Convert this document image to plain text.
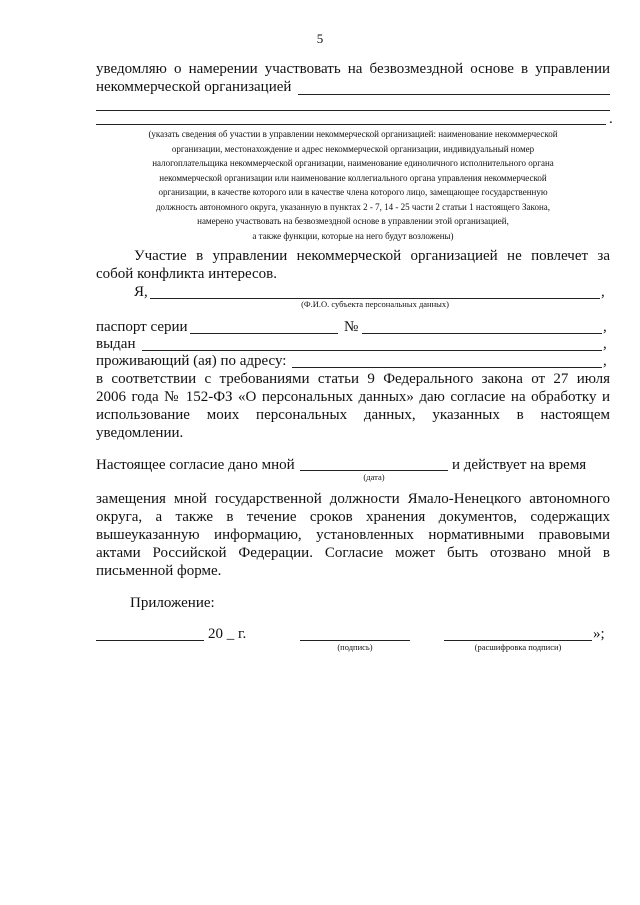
5
уведомляю о намерении участвовать на безвозмездной основе в управлении
некоммерческой организацией
.

(указать сведения об участии в управлении некоммерческой организацией: наименование некоммерческой

организации, местонахождение и адрес некоммерческой организации, индивидуальный номер

налогоплательщика некоммерческой организации, наименование единоличного исполнительного органа

некоммерческой организации или наименование коллегиального органа управления некоммерческой

организации, в качестве которого или в качестве члена которого лицо, замещающее государственную

должность автономного округа, указанную в пунктах 2 - 7, 14 - 25 части 2 статьи 1 настоящего Закона,

намерено участвовать на безвозмездной основе в управлении этой организацией,

а также функции, которые на него будут возложены)

Участие в управлении некоммерческой организацией не повлечет за
собой конфликта интересов.
Я,	,
(Ф.И.О. субъекта персональных данных)
паспорт серии	№	,
выдан	,
проживающий (ая) по адресу:	,
в соответствии с требованиями статьи 9 Федерального закона от 27 июля
2006 года № 152-ФЗ «О персональных данных» даю согласие на обработку и
использование моих персональных данных, указанных в настоящем
уведомлении.
Настоящее согласие дано мной	и действует на время
(дата)
замещения мной государственной должности Ямало-Ненецкого автономного
округа, а также в течение сроков хранения документов, содержащих
вышеуказанную информацию, установленных нормативными правовыми
актами Российской Федерации. Согласие может быть отозвано мной в
письменной форме.
Приложение:
20 _ г.
(подпись)
»;
(расшифровка подписи)
